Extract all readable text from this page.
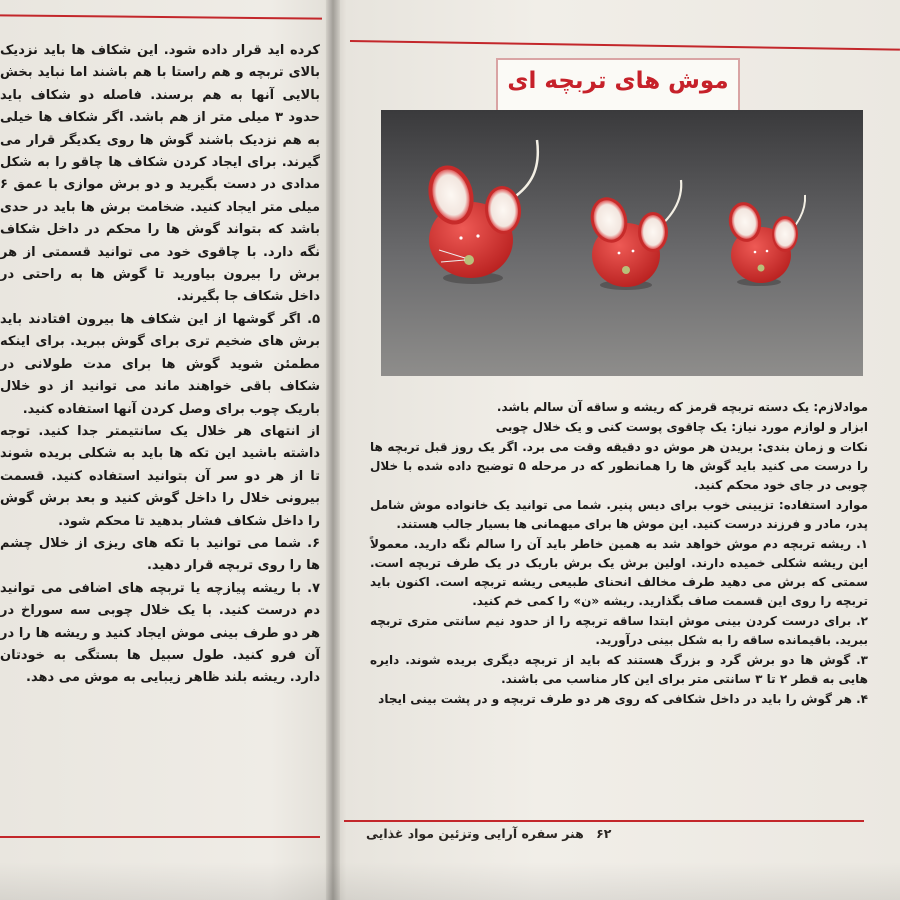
کرده اید قرار داده شود. این شکاف ها باید نزدیک بالای تربچه و هم راستا با هم باشند اما نباید بخش بالایی آنها به هم برسند. فاصله دو شکاف باید حدود ۳ میلی متر از هم باشد. اگر شکاف ها خیلی به هم نزدیک باشند گوش ها روی یکدیگر قرار می گیرند. برای ایجاد کردن شکاف ها چاقو را به شکل مدادی در دست بگیرید و دو برش موازی با عمق ۶ میلی متر ایجاد کنید. ضخامت برش ها باید در حدی باشد که بتواند گوش ها را محکم در داخل شکاف نگه دارد. با چاقوی خود می توانید قسمتی از هر برش را بیرون بیاورید تا گوش ها به راحتی در داخل شکاف جا بگیرند.

۵. اگر گوشها از این شکاف ها بیرون افتادند باید برش های ضخیم تری برای گوش ببرید. برای اینکه مطمئن شوید گوش ها برای مدت طولانی در شکاف باقی خواهند ماند می توانید از دو خلال باریک چوب برای وصل کردن آنها استفاده کنید.

از انتهای هر خلال یک سانتیمتر جدا کنید. توجه داشته باشید این تکه ها باید به شکلی بریده شوند تا از هر دو سر آن بتوانید استفاده کنید. قسمت بیرونی خلال را داخل گوش کنید و بعد برش گوش را داخل شکاف فشار بدهید تا محکم شود.

۶. شما می توانید با تکه های ریزی از خلال چشم ها را روی تربچه قرار دهید.

۷. با ریشه پیازچه یا تربچه های اضافی می توانید دم درست کنید. با یک خلال چوبی سه سوراخ در هر دو طرف بینی موش ایجاد کنید و ریشه ها را در آن فرو کنید. طول سبیل ها بستگی به خودتان دارد. ریشه بلند ظاهر زیبایی به موش می دهد.

موش های تربچه ای

موادلازم: یک دسته تربچه قرمز که ریشه و ساقه آن سالم باشد.

ابزار و لوازم مورد نیاز: یک چاقوی پوست کنی و یک خلال چوبی

نکات و زمان بندی: بریدن هر موش دو دقیقه وقت می برد. اگر یک روز قبل تربچه ها را درست می کنید باید گوش ها را همانطور که در مرحله ۵ توضیح داده شده با خلال چوبی در جای خود محکم کنید.

موارد استفاده: تزیینی خوب برای دیس پنیر. شما می توانید یک خانواده موش شامل پدر، مادر و فرزند درست کنید. این موش ها برای میهمانی ها بسیار جالب هستند.

۱. ریشه تربچه دم موش خواهد شد به همین خاطر باید آن را سالم نگه دارید. معمولاً این ریشه شکلی خمیده دارند. اولین برش یک برش باریک در یک طرف تربچه است. سمتی که برش می دهید طرف مخالف انحنای طبیعی ریشه تربچه است. اکنون باید تربچه را روی این قسمت صاف بگذارید. ریشه «ن» را کمی خم کنید.

۲. برای درست کردن بینی موش ابتدا ساقه تربچه را از حدود نیم سانتی متری تربچه ببرید. باقیمانده ساقه را به شکل بینی درآورید.

۳. گوش ها دو برش گرد و بزرگ هستند که باید از تربچه دیگری بریده شوند. دایره هایی به قطر ۲ تا ۳ سانتی متر برای این کار مناسب می باشند.

۴. هر گوش را باید در داخل شکافی که روی هر دو طرف تربچه و در پشت بینی ایجاد

۶۲ هنر سفره آرایی وتزئین مواد غذایی
